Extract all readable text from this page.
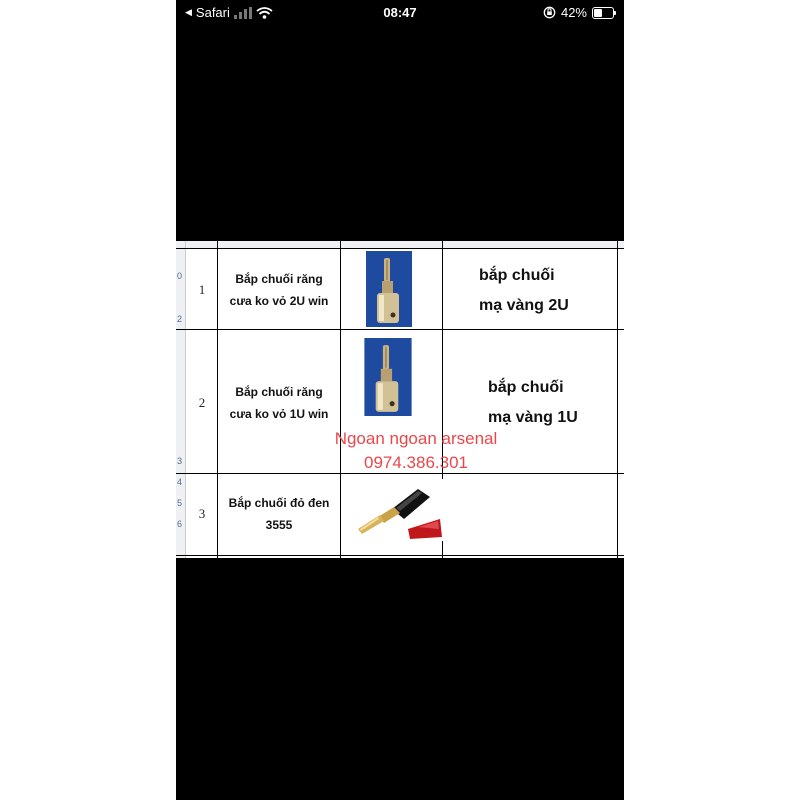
◀ Safari	08:47	42%
0
2
3
4
5
6
1
Bắp chuối răng
cưa ko vỏ 2U win
bắp chuối
mạ vàng 2U
2
Bắp chuối răng
cưa ko vỏ 1U win
bắp chuối
mạ vàng 1U
3
Bắp chuối đỏ đen
3555
Ngoan ngoan arsenal
0974.386.301
